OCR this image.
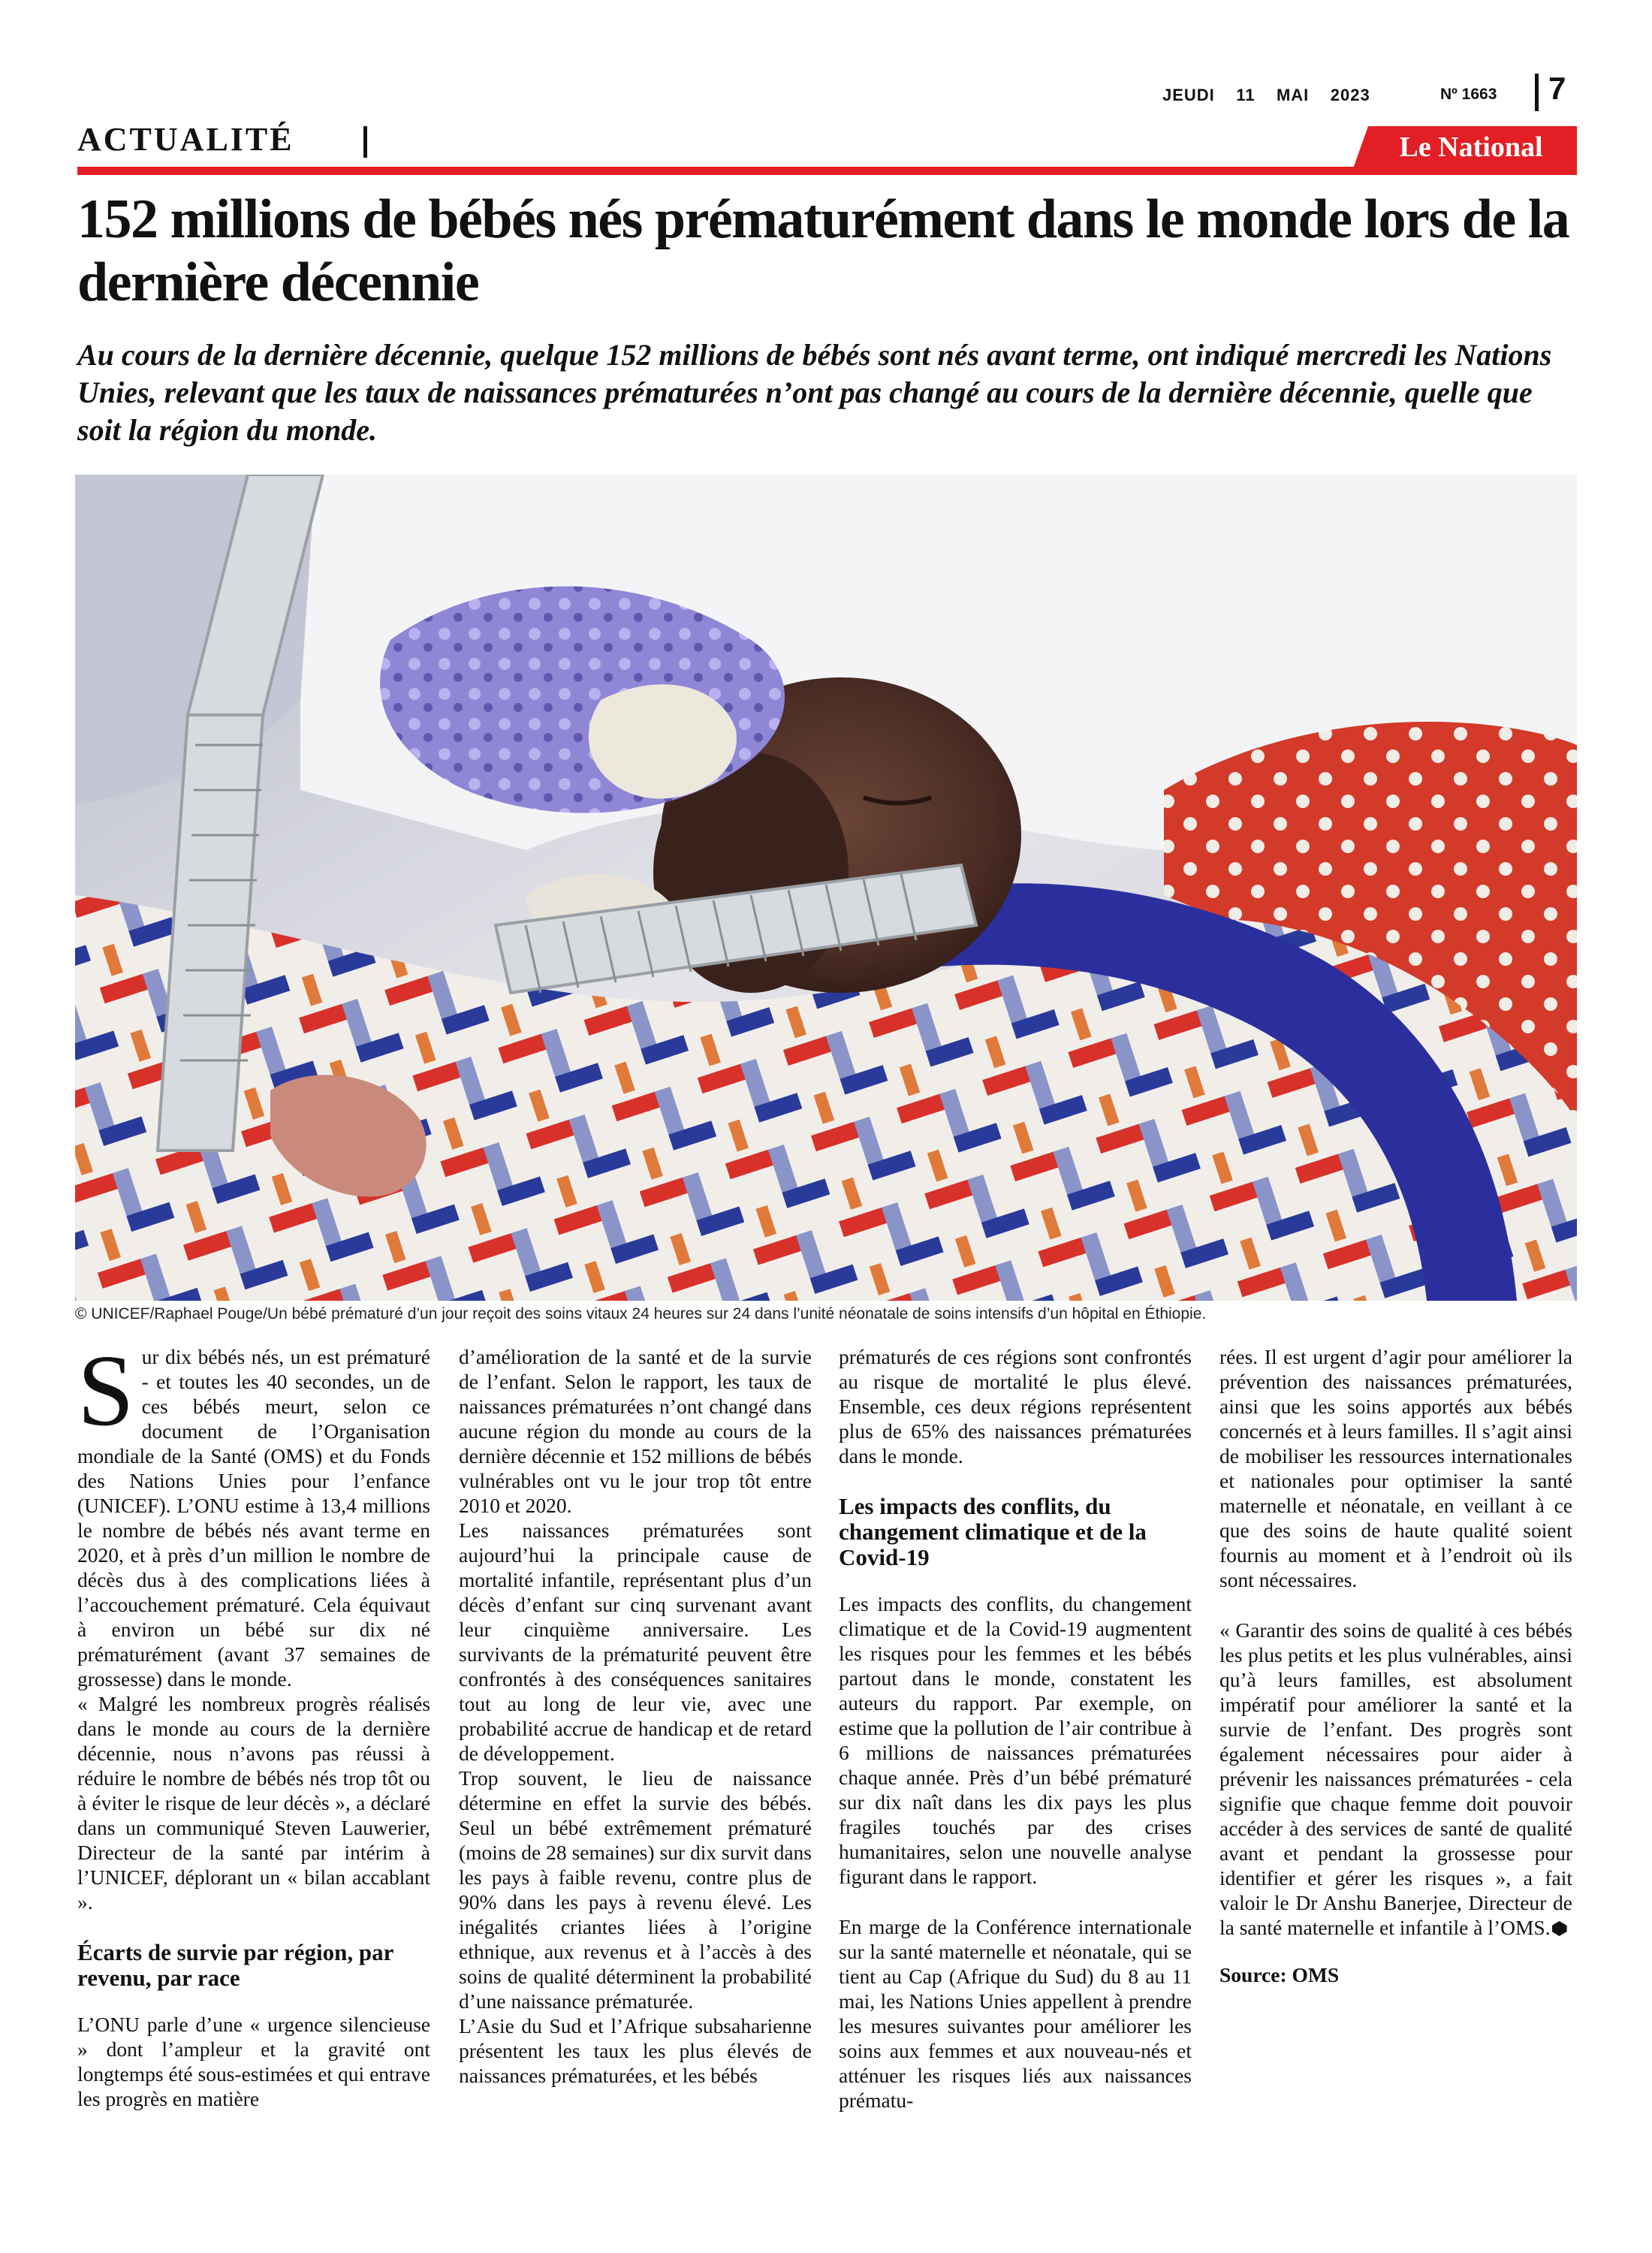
JEUDI 11 MAI 2023	Nº 1663 7
ACTUALITÉ	Le National
152 millions de bébés nés prématurément dans le monde lors de la dernière décennie

Au cours de la dernière décennie, quelque 152 millions de bébés sont nés avant terme, ont indiqué mercredi les Nations Unies, relevant que les taux de naissances prématurées n’ont pas changé au cours de la dernière décennie, quelle que soit la région du monde.

© UNICEF/Raphael Pouge/Un bébé prématuré d’un jour reçoit des soins vitaux 24 heures sur 24 dans l’unité néonatale de soins intensifs d’un hôpital en Éthiopie.

Sur dix bébés nés, un est prématuré - et toutes les 40 secondes, un de ces bébés meurt, selon ce document de l’Organisation mondiale de la Santé (OMS) et du Fonds des Nations Unies pour l’enfance (UNICEF). L’ONU estime à 13,4 millions le nombre de bébés nés avant terme en 2020, et à près d’un million le nombre de décès dus à des complications liées à l’accouchement prématuré. Cela équivaut à environ un bébé sur dix né prématurément (avant 37 semaines de grossesse) dans le monde.

« Malgré les nombreux progrès réalisés dans le monde au cours de la dernière décennie, nous n’avons pas réussi à réduire le nombre de bébés nés trop tôt ou à éviter le risque de leur décès », a déclaré dans un communiqué Steven Lauwerier, Directeur de la santé par intérim à l’UNICEF, déplorant un « bilan accablant ».

Écarts de survie par région, par revenu, par race

L’ONU parle d’une « urgence silencieuse » dont l’ampleur et la gravité ont longtemps été sous-estimées et qui entrave les progrès en matière

d’amélioration de la santé et de la survie de l’enfant. Selon le rapport, les taux de naissances prématurées n’ont changé dans aucune région du monde au cours de la dernière décennie et 152 millions de bébés vulnérables ont vu le jour trop tôt entre 2010 et 2020.

Les naissances prématurées sont aujourd’hui la principale cause de mortalité infantile, représentant plus d’un décès d’enfant sur cinq survenant avant leur cinquième anniversaire. Les survivants de la prématurité peuvent être confrontés à des conséquences sanitaires tout au long de leur vie, avec une probabilité accrue de handicap et de retard de développement.

Trop souvent, le lieu de naissance détermine en effet la survie des bébés. Seul un bébé extrêmement prématuré (moins de 28 semaines) sur dix survit dans les pays à faible revenu, contre plus de 90% dans les pays à revenu élevé. Les inégalités criantes liées à l’origine ethnique, aux revenus et à l’accès à des soins de qualité déterminent la probabilité d’une naissance prématurée.

L’Asie du Sud et l’Afrique subsaharienne présentent les taux les plus élevés de naissances prématurées, et les bébés

prématurés de ces régions sont confrontés au risque de mortalité le plus élevé. Ensemble, ces deux régions représentent plus de 65% des naissances prématurées dans le monde.

Les impacts des conflits, du changement climatique et de la Covid-19

Les impacts des conflits, du changement climatique et de la Covid-19 augmentent les risques pour les femmes et les bébés partout dans le monde, constatent les auteurs du rapport. Par exemple, on estime que la pollution de l’air contribue à 6 millions de naissances prématurées chaque année. Près d’un bébé prématuré sur dix naît dans les dix pays les plus fragiles touchés par des crises humanitaires, selon une nouvelle analyse figurant dans le rapport.

En marge de la Conférence internationale sur la santé maternelle et néonatale, qui se tient au Cap (Afrique du Sud) du 8 au 11 mai, les Nations Unies appellent à prendre les mesures suivantes pour améliorer les soins aux femmes et aux nouveau-nés et atténuer les risques liés aux naissances prématu-

rées. Il est urgent d’agir pour améliorer la prévention des naissances prématurées, ainsi que les soins apportés aux bébés concernés et à leurs familles. Il s’agit ainsi de mobiliser les ressources internationales et nationales pour optimiser la santé maternelle et néonatale, en veillant à ce que des soins de haute qualité soient fournis au moment et à l’endroit où ils sont nécessaires.

« Garantir des soins de qualité à ces bébés les plus petits et les plus vulnérables, ainsi qu’à leurs familles, est absolument impératif pour améliorer la santé et la survie de l’enfant. Des progrès sont également nécessaires pour aider à prévenir les naissances prématurées - cela signifie que chaque femme doit pouvoir accéder à des services de santé de qualité avant et pendant la grossesse pour identifier et gérer les risques », a fait valoir le Dr Anshu Banerjee, Directeur de la santé maternelle et infantile à l’OMS.

Source: OMS
